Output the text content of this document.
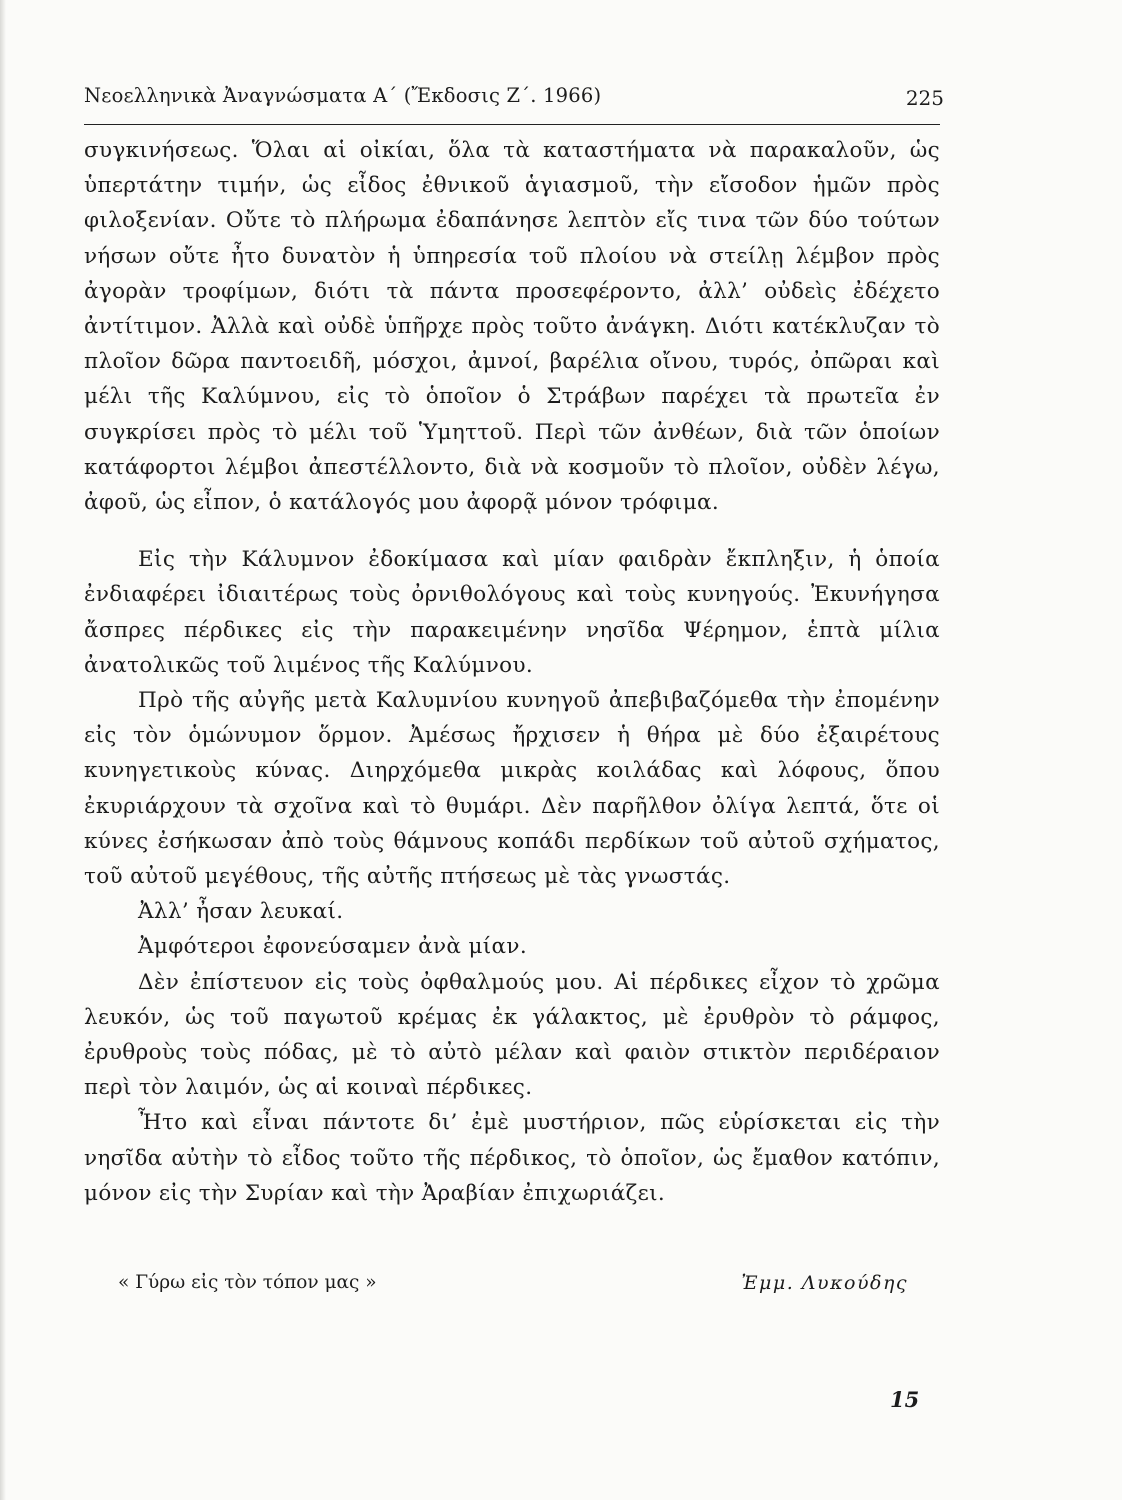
Νεοελληνικὰ Ἀναγνώσματα Α΄ (Ἔκδοσις Ζ΄. 1966)	225

συγκινήσεως. Ὅλαι αἱ οἰκίαι, ὅλα τὰ καταστήματα νὰ παρακαλοῦν, ὡς ὑπερτάτην τιμήν, ὡς εἶδος ἐθνικοῦ ἁγιασμοῦ, τὴν εἴσοδον ἡμῶν πρὸς φιλοξενίαν. Οὔτε τὸ πλήρωμα ἐδαπάνησε λεπτὸν εἴς τινα τῶν δύο τούτων νήσων οὔτε ἦτο δυνατὸν ἡ ὑπηρεσία τοῦ πλοίου νὰ στείλῃ λέμβον πρὸς ἀγορὰν τροφίμων, διότι τὰ πάντα προσεφέροντο, ἀλλ’ οὐδεὶς ἐδέχετο ἀντίτιμον. Ἀλλὰ καὶ οὐδὲ ὑπῆρχε πρὸς τοῦτο ἀνάγκη. Διότι κατέκλυζαν τὸ πλοῖον δῶρα παντοειδῆ, μόσχοι, ἀμνοί, βαρέλια οἴνου, τυρός, ὀπῶραι καὶ μέλι τῆς Καλύμνου, εἰς τὸ ὁποῖον ὁ Στράβων παρέχει τὰ πρωτεῖα ἐν συγκρίσει πρὸς τὸ μέλι τοῦ Ὑμηττοῦ. Περὶ τῶν ἀνθέων, διὰ τῶν ὁποίων κατάφορτοι λέμβοι ἀπεστέλλοντο, διὰ νὰ κοσμοῦν τὸ πλοῖον, οὐδὲν λέγω, ἀφοῦ, ὡς εἶπον, ὁ κατάλογός μου ἀφορᾷ μόνον τρόφιμα.

Εἰς τὴν Κάλυμνον ἐδοκίμασα καὶ μίαν φαιδρὰν ἔκπληξιν, ἡ ὁποία ἐνδιαφέρει ἰδιαιτέρως τοὺς ὀρνιθολόγους καὶ τοὺς κυνηγούς. Ἐκυνήγησα ἄσπρες πέρδικες εἰς τὴν παρακειμένην νησῖδα Ψέρημον, ἑπτὰ μίλια ἀνατολικῶς τοῦ λιμένος τῆς Καλύμνου.

Πρὸ τῆς αὐγῆς μετὰ Καλυμνίου κυνηγοῦ ἀπεβιβαζόμεθα τὴν ἐπομένην εἰς τὸν ὁμώνυμον ὅρμον. Ἀμέσως ἤρχισεν ἡ θήρα μὲ δύο ἐξαιρέτους κυνηγετικοὺς κύνας. Διηρχόμεθα μικρὰς κοιλάδας καὶ λόφους, ὅπου ἐκυριάρχουν τὰ σχοῖνα καὶ τὸ θυμάρι. Δὲν παρῆλθον ὀλίγα λεπτά, ὅτε οἱ κύνες ἐσήκωσαν ἀπὸ τοὺς θάμνους κοπάδι περδίκων τοῦ αὐτοῦ σχήματος, τοῦ αὐτοῦ μεγέθους, τῆς αὐτῆς πτήσεως μὲ τὰς γνωστάς.

Ἀλλ’ ἦσαν λευκαί.

Ἀμφότεροι ἐφονεύσαμεν ἀνὰ μίαν.

Δὲν ἐπίστευον εἰς τοὺς ὀφθαλμούς μου. Αἱ πέρδικες εἶχον τὸ χρῶμα λευκόν, ὡς τοῦ παγωτοῦ κρέμας ἐκ γάλακτος, μὲ ἐρυθρὸν τὸ ράμφος, ἐρυθροὺς τοὺς πόδας, μὲ τὸ αὐτὸ μέλαν καὶ φαιὸν στικτὸν περιδέραιον περὶ τὸν λαιμόν, ὡς αἱ κοιναὶ πέρδικες.

Ἦτο καὶ εἶναι πάντοτε δι’ ἐμὲ μυστήριον, πῶς εὑρίσκεται εἰς τὴν νησῖδα αὐτὴν τὸ εἶδος τοῦτο τῆς πέρδικος, τὸ ὁποῖον, ὡς ἔμαθον κατόπιν, μόνον εἰς τὴν Συρίαν καὶ τὴν Ἀραβίαν ἐπιχωριάζει.

« Γύρω εἰς τὸν τόπον μας »	Ἐμμ. Λυκούδης
15
